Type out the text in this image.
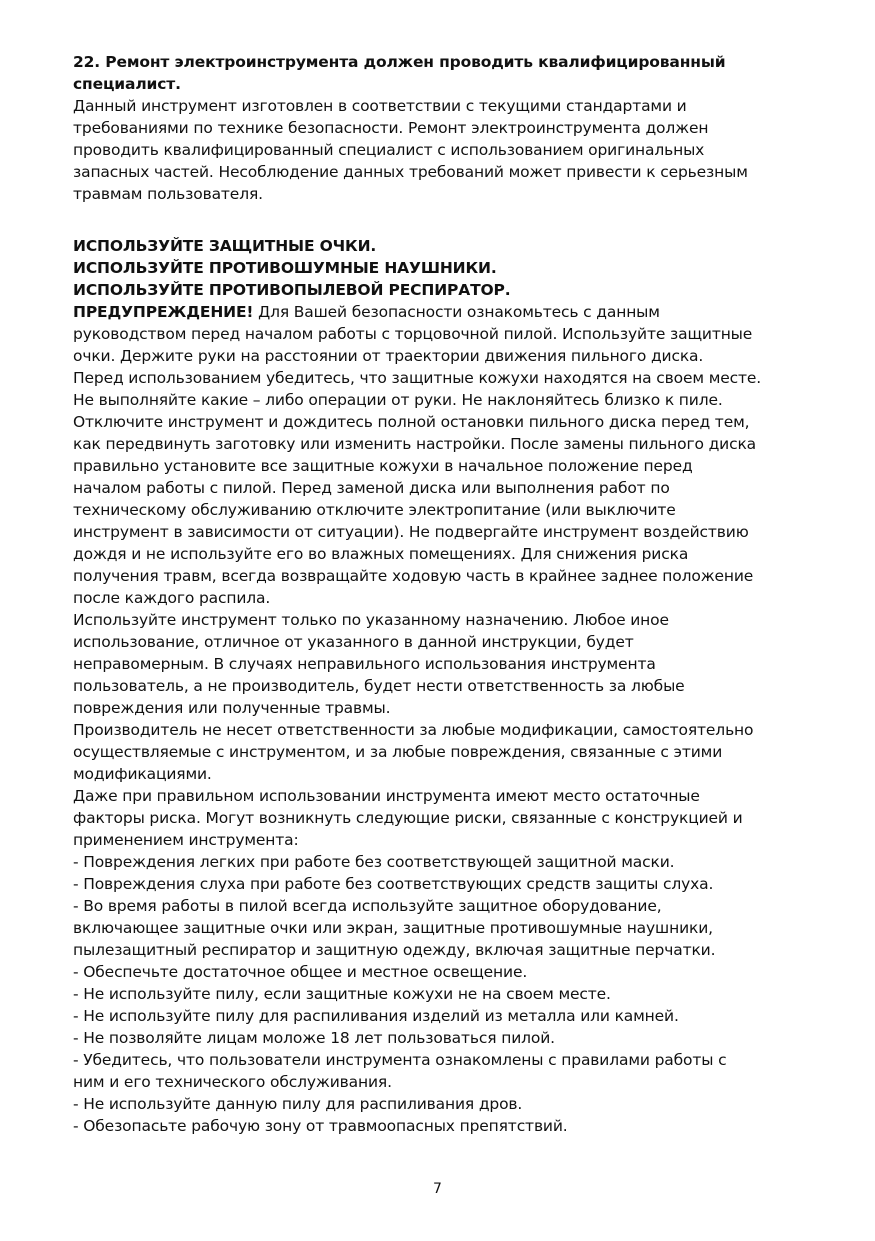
22. Ремонт электроинструмента должен проводить квалифицированный
специалист.
Данный инструмент изготовлен в соответствии с текущими стандартами и
требованиями по технике безопасности. Ремонт электроинструмента должен
проводить квалифицированный специалист с использованием оригинальных
запасных частей. Несоблюдение данных требований может привести к серьезным
травмам пользователя.
ИСПОЛЬЗУЙТЕ ЗАЩИТНЫЕ ОЧКИ.
ИСПОЛЬЗУЙТЕ ПРОТИВОШУМНЫЕ НАУШНИКИ.
ИСПОЛЬЗУЙТЕ ПРОТИВОПЫЛЕВОЙ РЕСПИРАТОР.
ПРЕДУПРЕЖДЕНИЕ! Для Вашей безопасности ознакомьтесь с данным
руководством перед началом работы с торцовочной пилой. Используйте защитные
очки. Держите руки на расстоянии от траектории движения пильного диска.
Перед использованием убедитесь, что защитные кожухи находятся на своем месте.
Не выполняйте какие – либо операции от руки. Не наклоняйтесь близко к пиле.
Отключите инструмент и дождитесь полной остановки пильного диска перед тем,
как передвинуть заготовку или изменить настройки. После замены пильного диска
правильно установите все защитные кожухи в начальное положение перед
началом работы с пилой. Перед заменой диска или выполнения работ по
техническому обслуживанию отключите электропитание (или выключите
инструмент в зависимости от ситуации). Не подвергайте инструмент воздействию
дождя и не используйте его во влажных помещениях. Для снижения риска
получения травм, всегда возвращайте ходовую часть в крайнее заднее положение
после каждого распила.
Используйте инструмент только по указанному назначению. Любое иное
использование, отличное от указанного в данной инструкции, будет
неправомерным. В случаях неправильного использования инструмента
пользователь, а не производитель, будет нести ответственность за любые
повреждения или полученные травмы.
Производитель не несет ответственности за любые модификации, самостоятельно
осуществляемые с инструментом, и за любые повреждения, связанные с этими
модификациями.
Даже при правильном использовании инструмента имеют место остаточные
факторы риска. Могут возникнуть следующие риски, связанные с конструкцией и
применением инструмента:
- Повреждения легких при работе без соответствующей защитной маски.
- Повреждения слуха при работе без соответствующих средств защиты слуха.
- Во время работы в пилой всегда используйте защитное оборудование,
включающее защитные очки или экран, защитные противошумные наушники,
пылезащитный респиратор и защитную одежду, включая защитные перчатки.
- Обеспечьте достаточное общее и местное освещение.
- Не используйте пилу, если защитные кожухи не на своем месте.
- Не используйте пилу для распиливания изделий из металла или камней.
- Не позволяйте лицам моложе 18 лет пользоваться пилой.
- Убедитесь, что пользователи инструмента ознакомлены с правилами работы с
ним и его технического обслуживания.
- Не используйте данную пилу для распиливания дров.
- Обезопасьте рабочую зону от травмоопасных препятствий.
7
